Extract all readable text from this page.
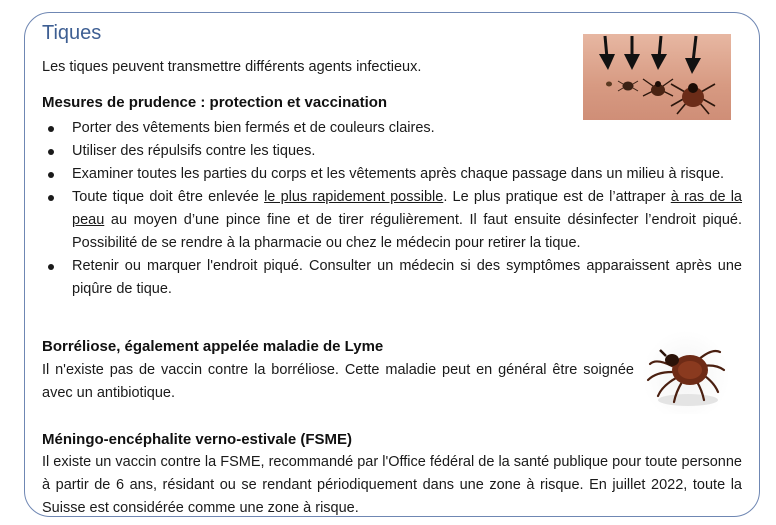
Tiques
Les tiques peuvent transmettre différents agents infectieux.
Mesures de prudence : protection et vaccination
Porter des vêtements bien fermés et de couleurs claires.
Utiliser des répulsifs contre les tiques.
Examiner toutes les parties du corps et les vêtements après chaque passage dans un milieu à risque.
Toute tique doit être enlevée le plus rapidement possible. Le plus pratique est de l’attraper à ras de la peau au moyen d’une pince fine et de tirer régulièrement. Il faut ensuite désinfecter l’endroit piqué. Possibilité de se rendre à la pharmacie ou chez le médecin pour retirer la tique.
Retenir ou marquer l'endroit piqué. Consulter un médecin si des symptômes apparaissent après une piqûre de tique.
Borréliose, également appelée maladie de Lyme
Il n'existe pas de vaccin contre la borréliose. Cette maladie peut en général être soignée avec un antibiotique.
Méningo-encéphalite verno-estivale (FSME)
Il existe un vaccin contre la FSME, recommandé par l'Office fédéral de la santé publique pour toute personne à partir de 6 ans, résidant ou se rendant périodiquement dans une zone à risque. En juillet 2022, toute la Suisse est considérée comme une zone à risque.
